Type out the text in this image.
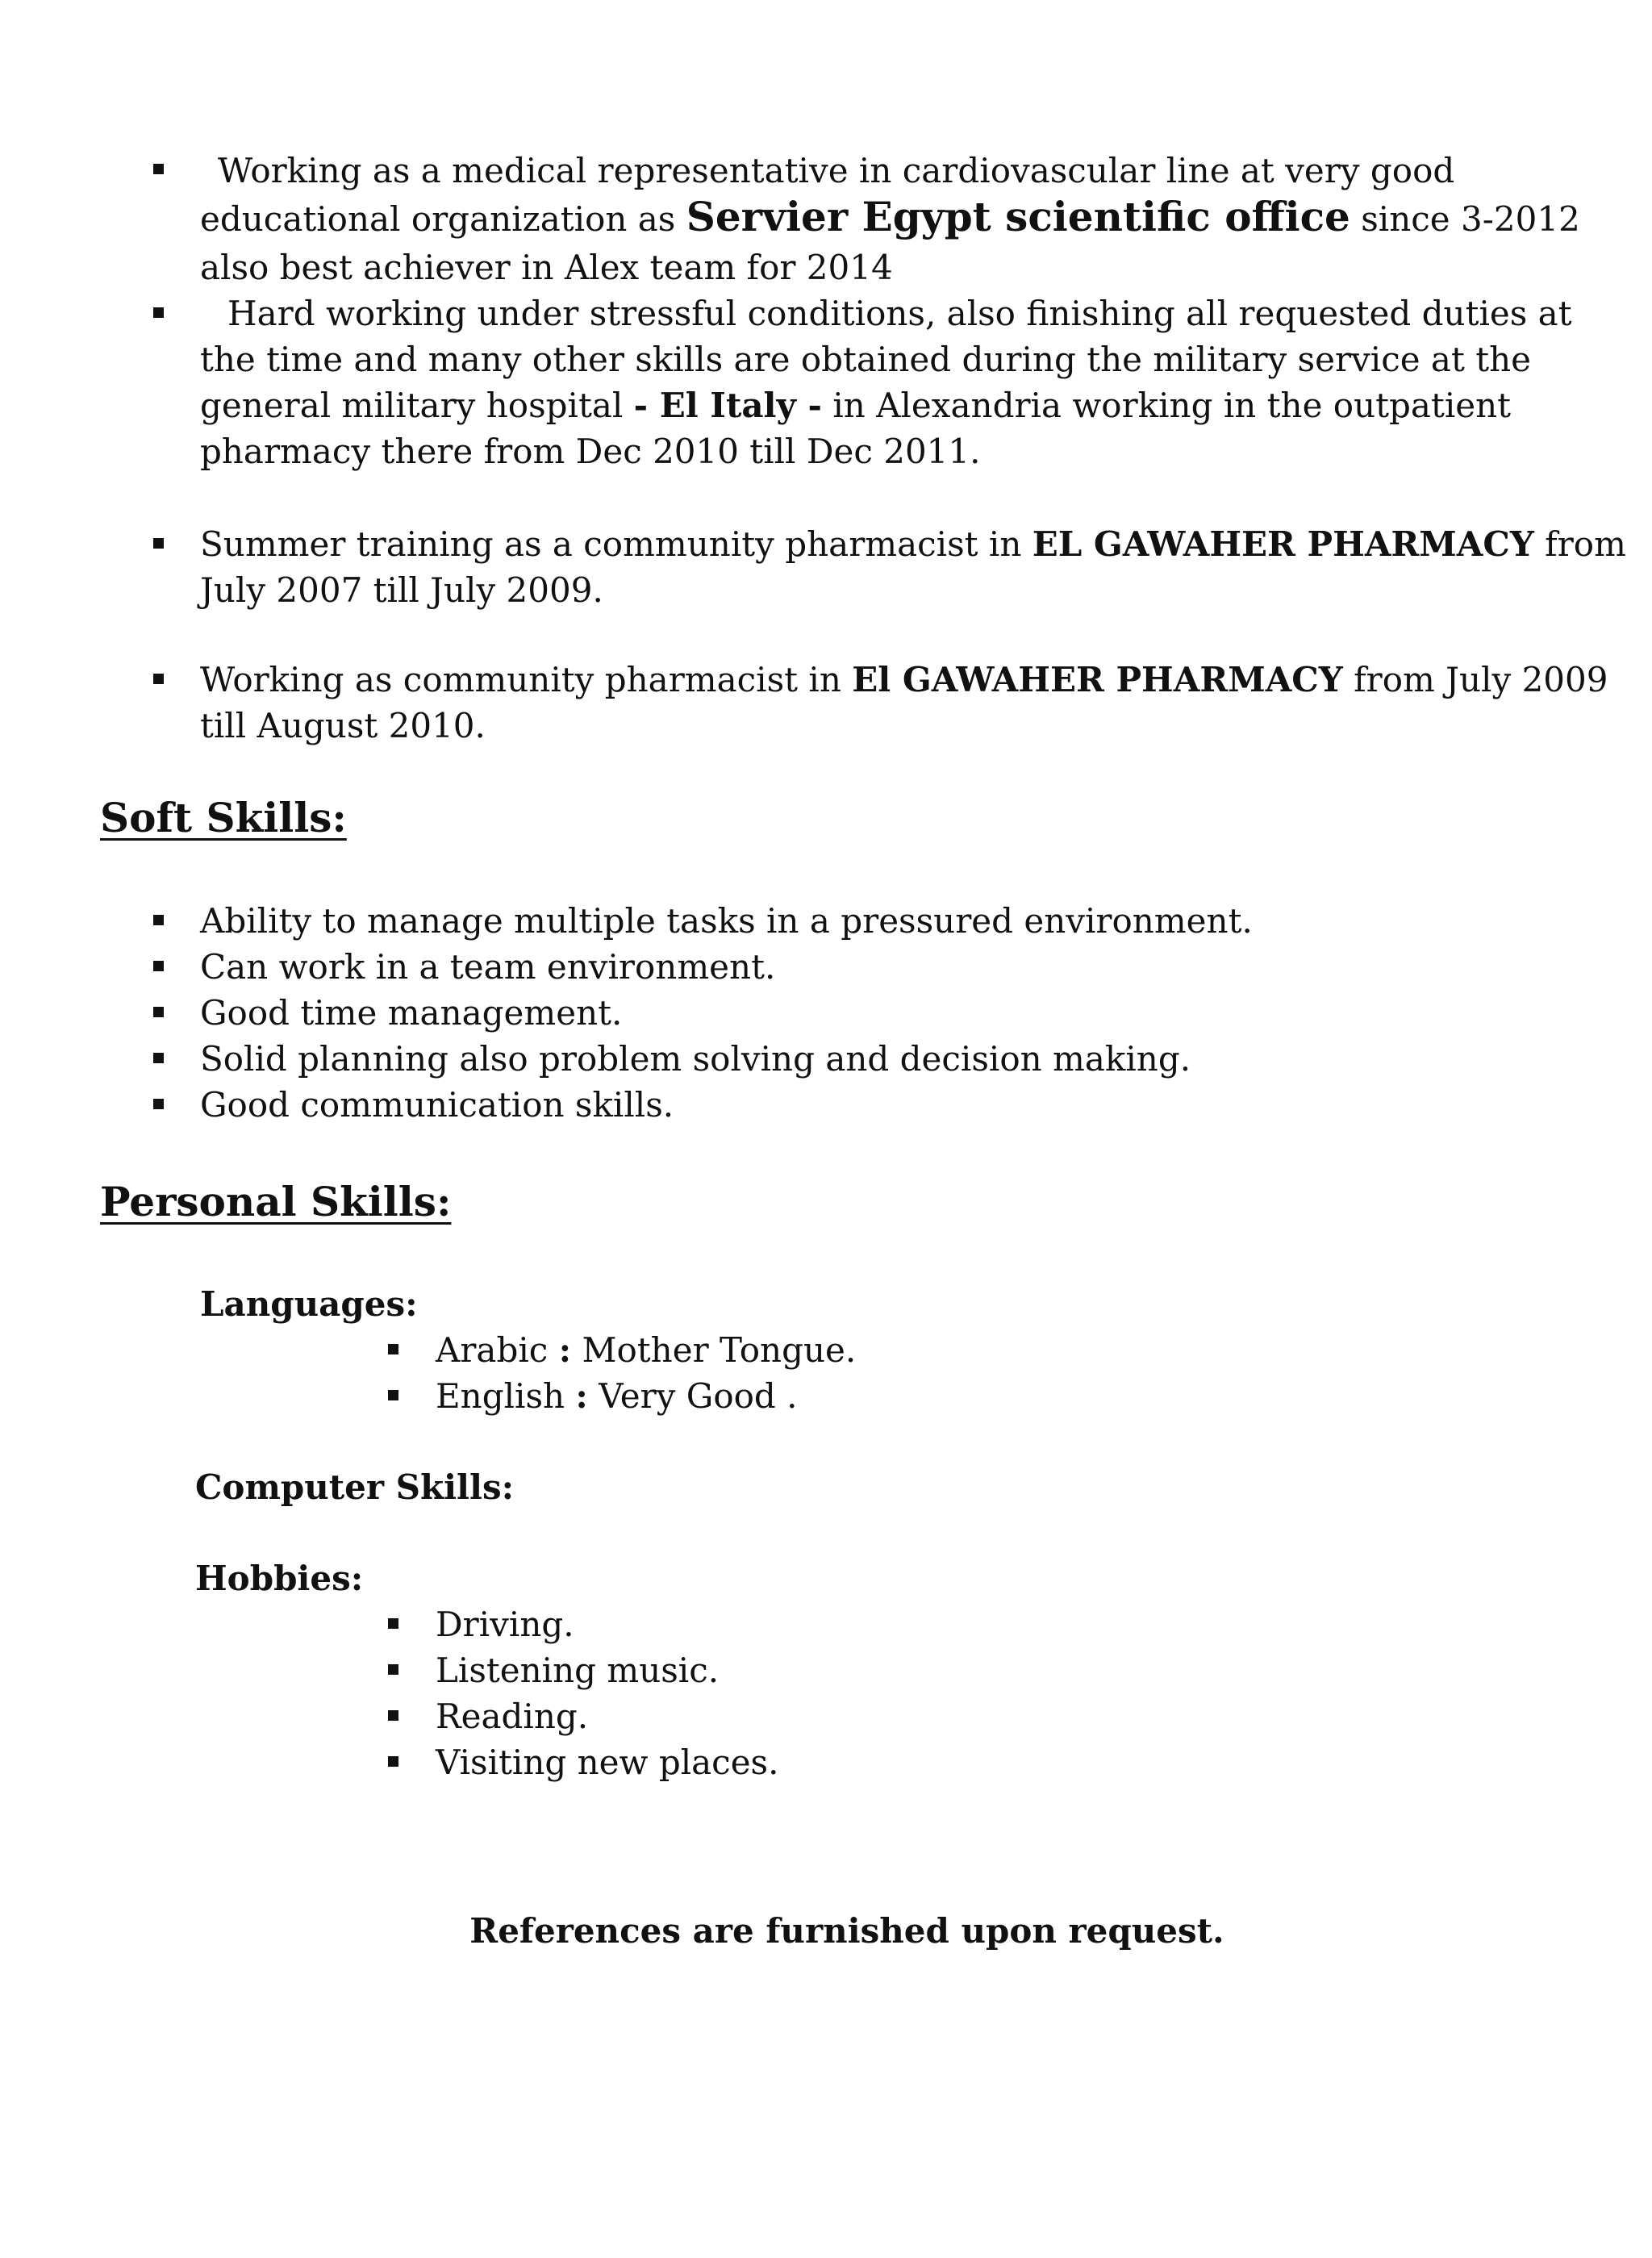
Working as a medical representative in cardiovascular line at very good

educational organization as Servier Egypt scientific office since 3-2012

also best achiever in Alex team for 2014

Hard working under stressful conditions, also finishing all requested duties at

the time and many other skills are obtained during the military service at the

general military hospital - El Italy - in Alexandria working in the outpatient

pharmacy there from Dec 2010 till Dec 2011.

Summer training as a community pharmacist in EL GAWAHER PHARMACY from

July 2007 till July 2009.

Working as community pharmacist in El GAWAHER PHARMACY from July 2009

till August 2010.

Soft Skills:

Ability to manage multiple tasks in a pressured environment.

Can work in a team environment.

Good time management.

Solid planning also problem solving and decision making.

Good communication skills.

Personal Skills:

Languages:

Arabic : Mother Tongue.

English : Very Good .

Computer Skills:

Hobbies:

Driving.

Listening music.

Reading.

Visiting new places.

References are furnished upon request.
